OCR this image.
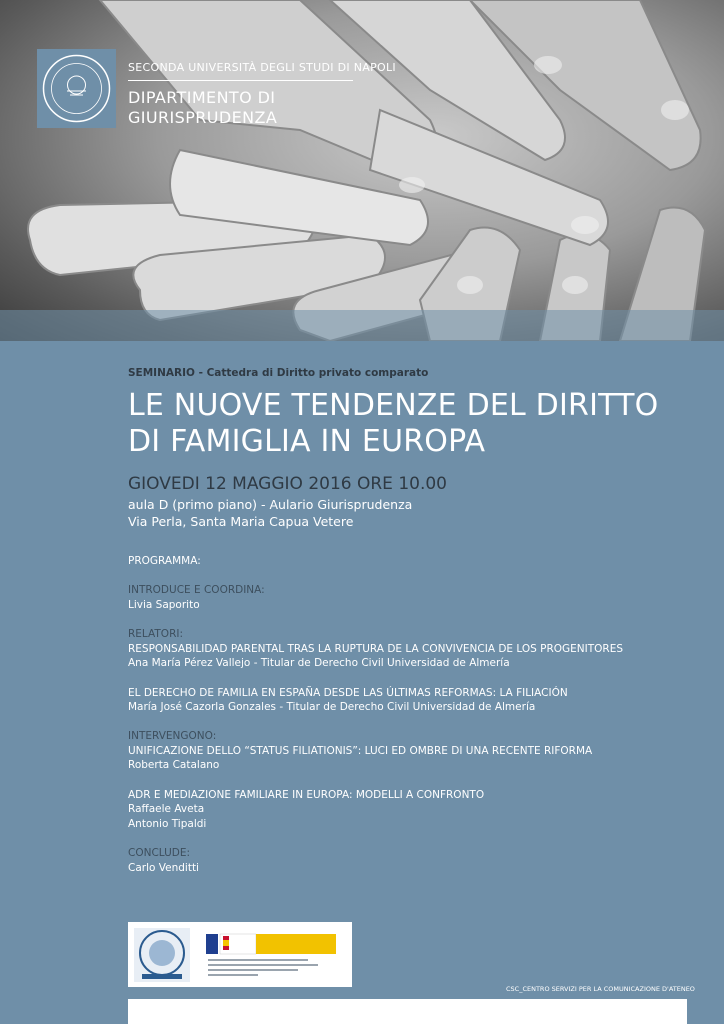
SECONDA UNIVERSITÀ DEGLI STUDI DI NAPOLI
DIPARTIMENTO DI
GIURISPRUDENZA
SEMINARIO - Cattedra di Diritto privato comparato
LE NUOVE TENDENZE DEL DIRITTO
DI FAMIGLIA IN EUROPA
GIOVEDI 12 MAGGIO 2016 ORE 10.00
aula D (primo piano) - Aulario Giurisprudenza
Via Perla, Santa Maria Capua Vetere
PROGRAMMA:
INTRODUCE E COORDINA:
Livia Saporito
RELATORI:
RESPONSABILIDAD PARENTAL TRAS LA RUPTURA DE LA CONVIVENCIA DE LOS PROGENITORES
Ana María Pérez Vallejo - Titular de Derecho Civil Universidad de Almería
EL DERECHO DE FAMILIA EN ESPAÑA DESDE LAS ÚLTIMAS REFORMAS: LA FILIACIÓN
María José Cazorla Gonzales - Titular de Derecho Civil Universidad de Almería
INTERVENGONO:
UNIFICAZIONE DELLO “STATUS FILIATIONIS”: LUCI ED OMBRE DI UNA RECENTE RIFORMA
Roberta Catalano
ADR E MEDIAZIONE FAMILIARE IN EUROPA: MODELLI A CONFRONTO
Raffaele Aveta
Antonio Tipaldi
CONCLUDE:
Carlo Venditti
CSC_CENTRO SERVIZI PER LA COMUNICAZIONE D'ATENEO
